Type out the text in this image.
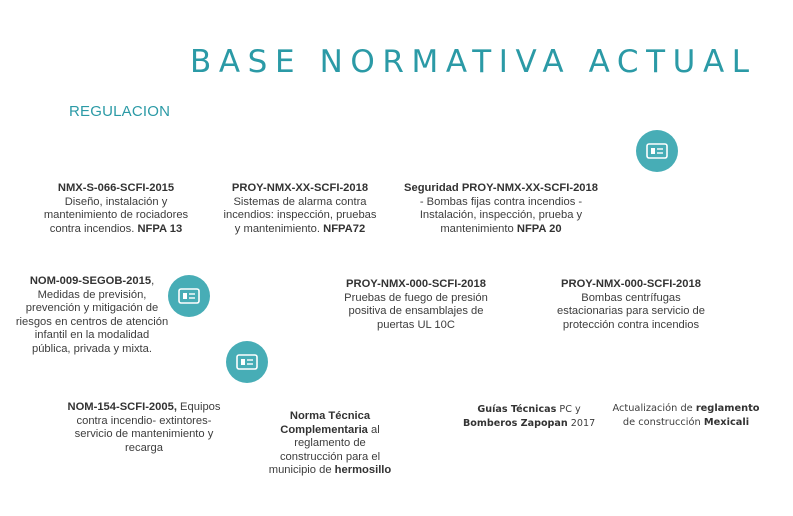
BASE NORMATIVA ACTUAL
REGULACION
NMX-S-066-SCFI-2015
Diseño, instalación y
mantenimiento de rociadores
contra incendios. NFPA 13
PROY-NMX-XX-SCFI-2018
Sistemas de alarma contra
incendios: inspección, pruebas
y mantenimiento. NFPA72
Seguridad PROY-NMX-XX-SCFI-2018
- Bombas fijas contra incendios -
Instalación, inspección, prueba y
mantenimiento NFPA 20
NOM-009-SEGOB-2015,
Medidas de previsión,
prevención y mitigación de
riesgos en centros de atención
infantil en la modalidad
pública, privada y mixta.
PROY-NMX-000-SCFI-2018
Pruebas de fuego de presión
positiva de ensamblajes de
puertas UL 10C
PROY-NMX-000-SCFI-2018
Bombas centrífugas
estacionarias para servicio de
protección contra incendios
NOM-154-SCFI-2005, Equipos
contra incendio- extintores-
servicio de mantenimiento y
recarga
Norma Técnica
Complementaria al
reglamento de
construcción para el
municipio de hermosillo
Guías Técnicas PC y
Bomberos Zapopan 2017
Actualización de reglamento
de construcción Mexicali
